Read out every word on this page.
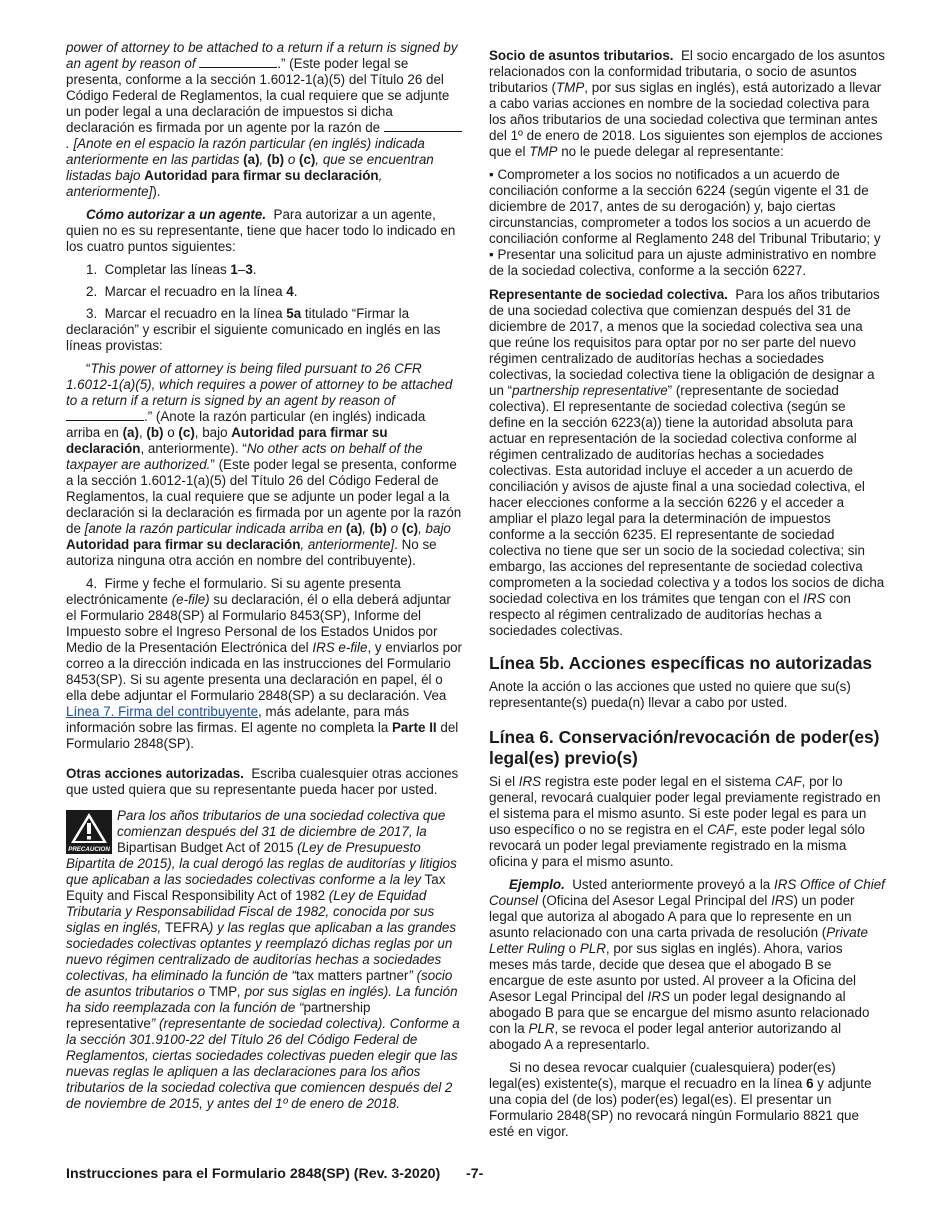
power of attorney to be attached to a return if a return is signed by an agent by reason of	.” (Este poder legal se presenta, conforme a la sección 1.6012-1(a)(5) del Título 26 del Código Federal de Reglamentos, la cual requiere que se adjunte un poder legal a una declaración de impuestos si dicha declaración es firmada por un agente por la razón de . [Anote en el espacio la razón particular (en inglés) indicada anteriormente en las partidas (a), (b) o (c), que se encuentran listadas bajo Autoridad para firmar su declaración, anteriormente]).

Cómo autorizar a un agente. Para autorizar a un agente, quien no es su representante, tiene que hacer todo lo indicado en los cuatro puntos siguientes:

1. Completar las líneas 1–3.

2. Marcar el recuadro en la línea 4.

3. Marcar el recuadro en la línea 5a titulado “Firmar la declaración” y escribir el siguiente comunicado en inglés en las líneas provistas:

“This power of attorney is being filed pursuant to 26 CFR 1.6012-1(a)(5), which requires a power of attorney to be attached to a return if a return is signed by an agent by reason of .” (Anote la razón particular (en inglés) indicada arriba en (a), (b) o (c), bajo Autoridad para firmar su declaración, anteriormente). “No other acts on behalf of the taxpayer are authorized.” (Este poder legal se presenta, conforme a la sección 1.6012-1(a)(5) del Título 26 del Código Federal de Reglamentos, la cual requiere que se adjunte un poder legal a la declaración si la declaración es firmada por un agente por la razón de [anote la razón particular indicada arriba en (a), (b) o (c), bajo Autoridad para firmar su declaración, anteriormente]. No se autoriza ninguna otra acción en nombre del contribuyente).

4. Firme y feche el formulario. Si su agente presenta electrónicamente (e-file) su declaración, él o ella deberá adjuntar el Formulario 2848(SP) al Formulario 8453(SP), Informe del Impuesto sobre el Ingreso Personal de los Estados Unidos por Medio de la Presentación Electrónica del IRS e-file, y enviarlos por correo a la dirección indicada en las instrucciones del Formulario 8453(SP). Si su agente presenta una declaración en papel, él o ella debe adjuntar el Formulario 2848(SP) a su declaración. Vea Línea 7. Firma del contribuyente, más adelante, para más información sobre las firmas. El agente no completa la Parte II del Formulario 2848(SP).

Otras acciones autorizadas. Escriba cualesquier otras acciones que usted quiera que su representante pueda hacer por usted.

PRECAUCION
Para los años tributarios de una sociedad colectiva que comienzan después del 31 de diciembre de 2017, la Bipartisan Budget Act of 2015 (Ley de Presupuesto Bipartita de 2015), la cual derogó las reglas de auditorías y litigios que aplicaban a las sociedades colectivas conforme a la ley Tax Equity and Fiscal Responsibility Act of 1982 (Ley de Equidad Tributaria y Responsabilidad Fiscal de 1982, conocida por sus siglas en inglés, TEFRA) y las reglas que aplicaban a las grandes sociedades colectivas optantes y reemplazó dichas reglas por un nuevo régimen centralizado de auditorías hechas a sociedades colectivas, ha eliminado la función de “tax matters partner” (socio de asuntos tributarios o TMP, por sus siglas en inglés). La función ha sido reemplazada con la función de “partnership representative” (representante de sociedad colectiva). Conforme a la sección 301.9100-22 del Título 26 del Código Federal de Reglamentos, ciertas sociedades colectivas pueden elegir que las nuevas reglas le apliquen a las declaraciones para los años tributarios de la sociedad colectiva que comiencen después del 2 de noviembre de 2015, y antes del 1º de enero de 2018.

Socio de asuntos tributarios. El socio encargado de los asuntos relacionados con la conformidad tributaria, o socio de asuntos tributarios (TMP, por sus siglas en inglés), está autorizado a llevar a cabo varias acciones en nombre de la sociedad colectiva para los años tributarios de una sociedad colectiva que terminan antes del 1º de enero de 2018. Los siguientes son ejemplos de acciones que el TMP no le puede delegar al representante:

• Comprometer a los socios no notificados a un acuerdo de conciliación conforme a la sección 6224 (según vigente el 31 de diciembre de 2017, antes de su derogación) y, bajo ciertas circunstancias, comprometer a todos los socios a un acuerdo de conciliación conforme al Reglamento 248 del Tribunal Tributario; y

• Presentar una solicitud para un ajuste administrativo en nombre de la sociedad colectiva, conforme a la sección 6227.

Representante de sociedad colectiva. Para los años tributarios de una sociedad colectiva que comienzan después del 31 de diciembre de 2017, a menos que la sociedad colectiva sea una que reúne los requisitos para optar por no ser parte del nuevo régimen centralizado de auditorías hechas a sociedades colectivas, la sociedad colectiva tiene la obligación de designar a un “partnership representative” (representante de sociedad colectiva). El representante de sociedad colectiva (según se define en la sección 6223(a)) tiene la autoridad absoluta para actuar en representación de la sociedad colectiva conforme al régimen centralizado de auditorías hechas a sociedades colectivas. Esta autoridad incluye el acceder a un acuerdo de conciliación y avisos de ajuste final a una sociedad colectiva, el hacer elecciones conforme a la sección 6226 y el acceder a ampliar el plazo legal para la determinación de impuestos conforme a la sección 6235. El representante de sociedad colectiva no tiene que ser un socio de la sociedad colectiva; sin embargo, las acciones del representante de sociedad colectiva comprometen a la sociedad colectiva y a todos los socios de dicha sociedad colectiva en los trámites que tengan con el IRS con respecto al régimen centralizado de auditorías hechas a sociedades colectivas.

Línea 5b. Acciones específicas no autorizadas

Anote la acción o las acciones que usted no quiere que su(s) representante(s) pueda(n) llevar a cabo por usted.

Línea 6. Conservación/revocación de poder(es) legal(es) previo(s)

Si el IRS registra este poder legal en el sistema CAF, por lo general, revocará cualquier poder legal previamente registrado en el sistema para el mismo asunto. Si este poder legal es para un uso específico o no se registra en el CAF, este poder legal sólo revocará un poder legal previamente registrado en la misma oficina y para el mismo asunto.

Ejemplo. Usted anteriormente proveyó a la IRS Office of Chief Counsel (Oficina del Asesor Legal Principal del IRS) un poder legal que autoriza al abogado A para que lo represente en un asunto relacionado con una carta privada de resolución (Private Letter Ruling o PLR, por sus siglas en inglés). Ahora, varios meses más tarde, decide que desea que el abogado B se encargue de este asunto por usted. Al proveer a la Oficina del Asesor Legal Principal del IRS un poder legal designando al abogado B para que se encargue del mismo asunto relacionado con la PLR, se revoca el poder legal anterior autorizando al abogado A a representarlo.

Si no desea revocar cualquier (cualesquiera) poder(es) legal(es) existente(s), marque el recuadro en la línea 6 y adjunte una copia del (de los) poder(es) legal(es). El presentar un Formulario 2848(SP) no revocará ningún Formulario 8821 que esté en vigor.

Instrucciones para el Formulario 2848(SP) (Rev. 3-2020) -7-
